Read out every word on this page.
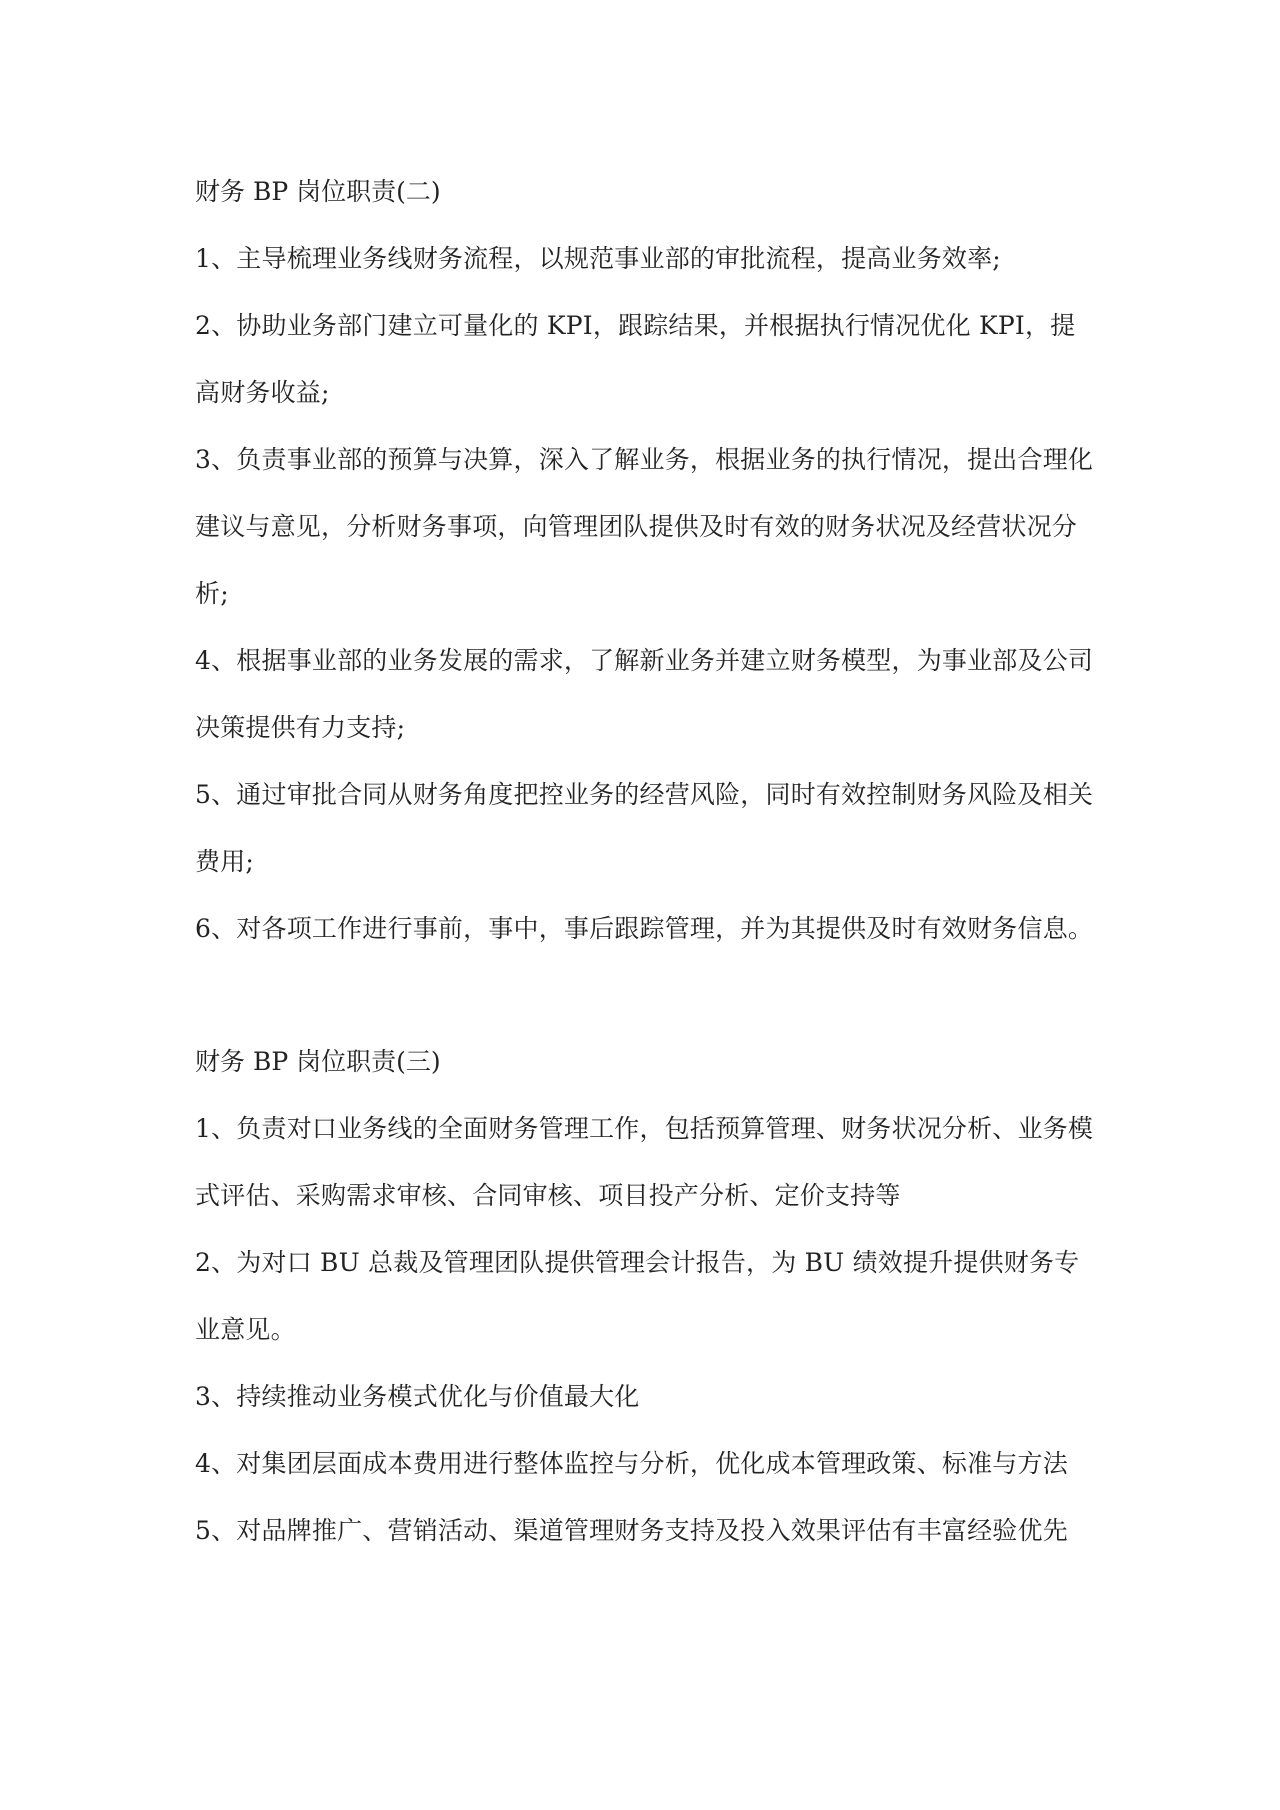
财务 BP 岗位职责(二)
1、主导梳理业务线财务流程，以规范事业部的审批流程，提高业务效率;
2、协助业务部门建立可量化的 KPI，跟踪结果，并根据执行情况优化 KPI，提高财务收益;
3、负责事业部的预算与决算，深入了解业务，根据业务的执行情况，提出合理化建议与意见，分析财务事项，向管理团队提供及时有效的财务状况及经营状况分析;
4、根据事业部的业务发展的需求，了解新业务并建立财务模型，为事业部及公司决策提供有力支持;
5、通过审批合同从财务角度把控业务的经营风险，同时有效控制财务风险及相关费用;
6、对各项工作进行事前，事中，事后跟踪管理，并为其提供及时有效财务信息。
财务 BP 岗位职责(三)
1、负责对口业务线的全面财务管理工作，包括预算管理、财务状况分析、业务模式评估、采购需求审核、合同审核、项目投产分析、定价支持等
2、为对口 BU 总裁及管理团队提供管理会计报告，为 BU 绩效提升提供财务专业意见。
3、持续推动业务模式优化与价值最大化
4、对集团层面成本费用进行整体监控与分析，优化成本管理政策、标准与方法
5、对品牌推广、营销活动、渠道管理财务支持及投入效果评估有丰富经验优先
